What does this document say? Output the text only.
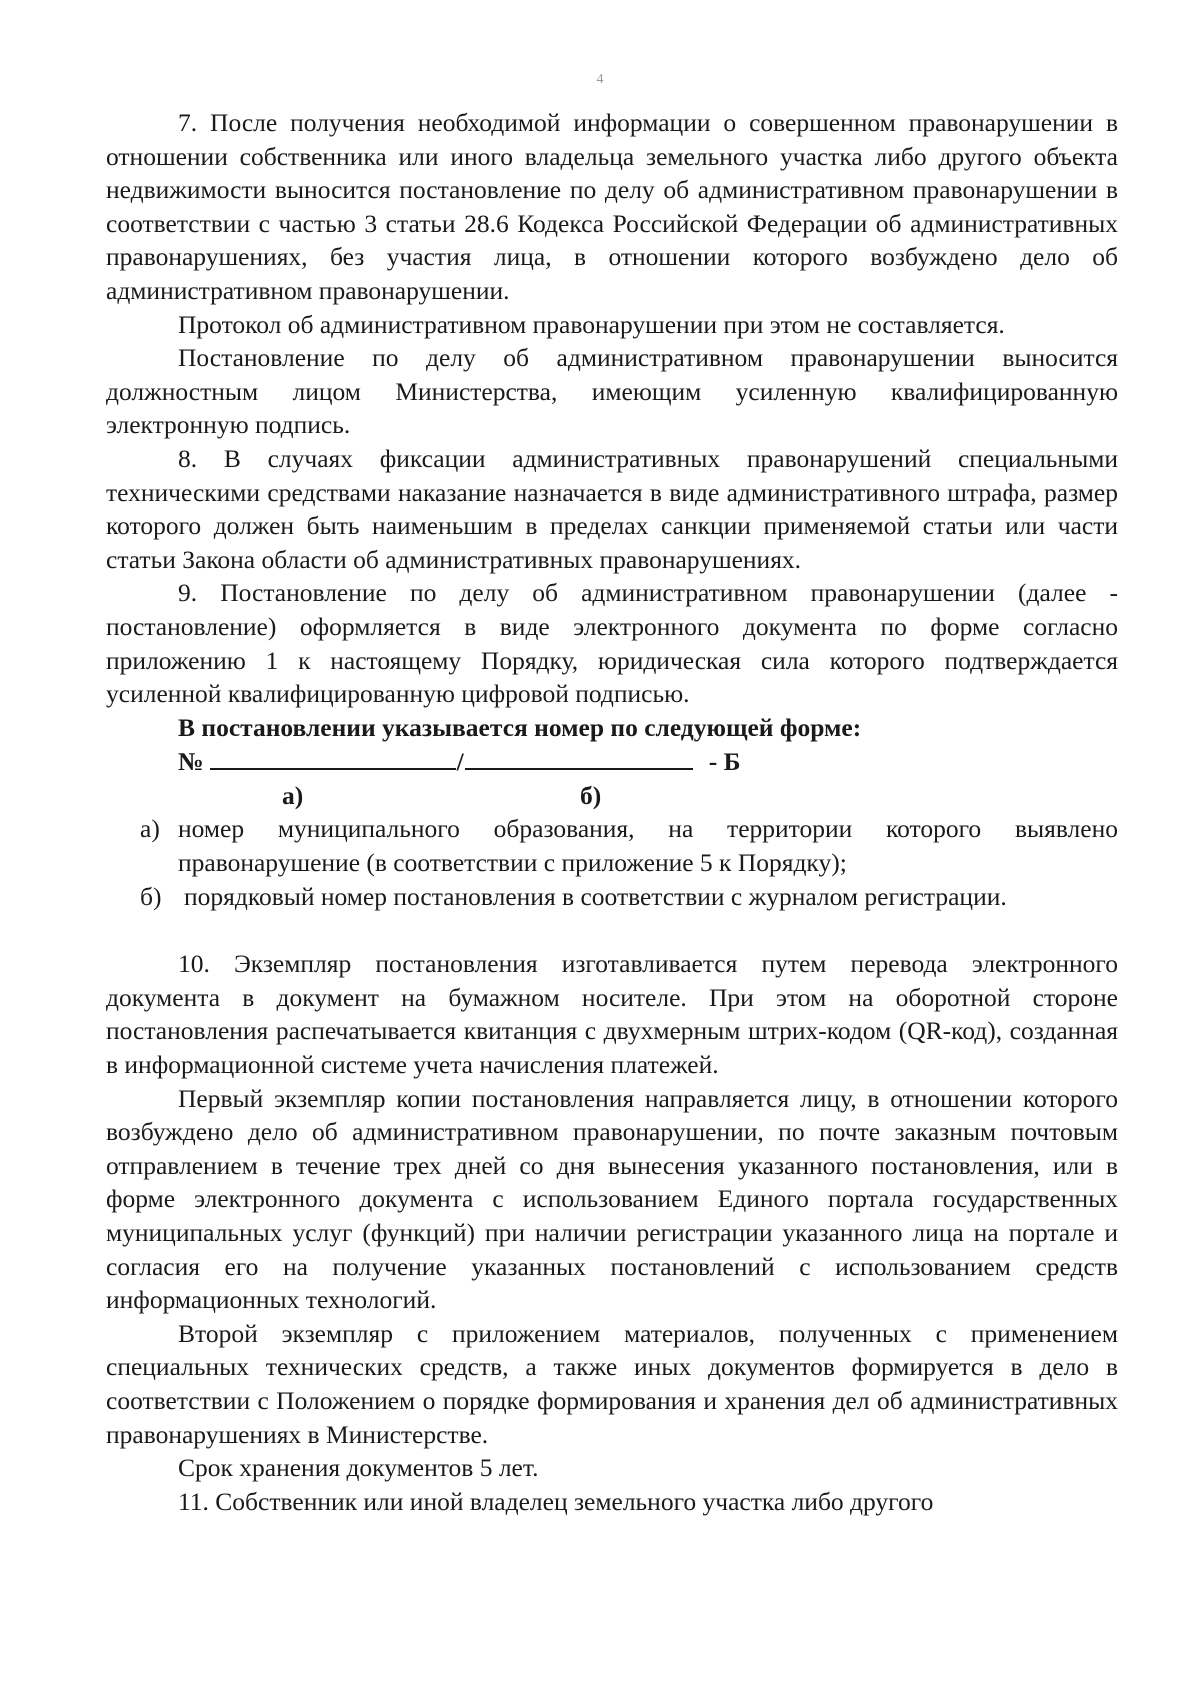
4

7. После получения необходимой информации о совершенном правонарушении в отношении собственника или иного владельца земельного участка либо другого объекта недвижимости выносится постановление по делу об административном правонарушении в соответствии с частью 3 статьи 28.6 Кодекса Российской Федерации об административных правонарушениях, без участия лица, в отношении которого возбуждено дело об административном правонарушении.

Протокол об административном правонарушении при этом не составляется.

Постановление по делу об административном правонарушении выносится должностным лицом Министерства, имеющим усиленную квалифицированную электронную подпись.

8. В случаях фиксации административных правонарушений специальными техническими средствами наказание назначается в виде административного штрафа, размер которого должен быть наименьшим в пределах санкции применяемой статьи или части статьи Закона области об административных правонарушениях.

9. Постановление по делу об административном правонарушении (далее - постановление) оформляется в виде электронного документа по форме согласно приложению 1 к настоящему Порядку, юридическая сила которого подтверждается усиленной квалифицированную цифровой подписью.

В постановлении указывается номер по следующей форме:

№	/	- Б

а)	б)

а) номер муниципального образования, на территории которого выявлено правонарушение (в соответствии с приложение 5 к Порядку);

б) порядковый номер постановления в соответствии с журналом регистрации.

10. Экземпляр постановления изготавливается путем перевода электронного документа в документ на бумажном носителе. При этом на оборотной стороне постановления распечатывается квитанция с двухмерным штрих-кодом (QR-код), созданная в информационной системе учета начисления платежей.

Первый экземпляр копии постановления направляется лицу, в отношении которого возбуждено дело об административном правонарушении, по почте заказным почтовым отправлением в течение трех дней со дня вынесения указанного постановления, или в форме электронного документа с использованием Единого портала государственных муниципальных услуг (функций) при наличии регистрации указанного лица на портале и согласия его на получение указанных постановлений с использованием средств информационных технологий.

Второй экземпляр с приложением материалов, полученных с применением специальных технических средств, а также иных документов формируется в дело в соответствии с Положением о порядке формирования и хранения дел об административных правонарушениях в Министерстве.

Срок хранения документов 5 лет.

11. Собственник или иной владелец земельного участка либо другого
